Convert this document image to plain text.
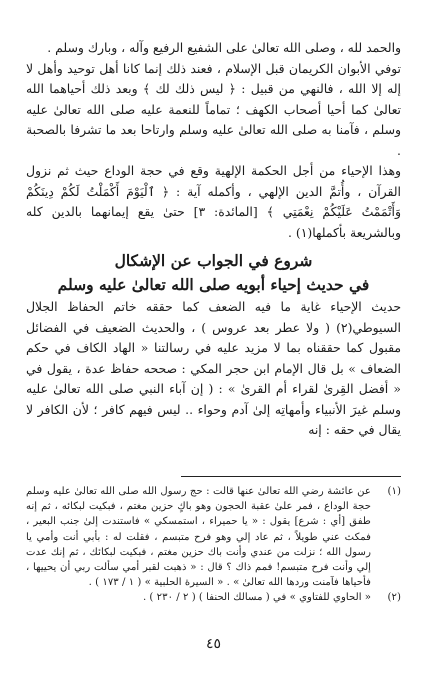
والحمد لله ، وصلى الله تعالىٰ على الشفيع الرفيع وآله ، وبارك وسلم .

توفي الأبوان الكريمان قبل الإسلام ، فعند ذلك إنما كانا أهل توحيد وأهل لا إله إلا الله ، فالنهي من قبيل : ﴿ ليس ذلك لك ﴾ وبعد ذلك أحياهما الله تعالىٰ كما أحيا أصحاب الكهف ؛ تماماً للنعمة عليه صلى الله تعالىٰ عليه وسلم ، فآمنا به صلى الله تعالىٰ عليه وسلم وارتاحا بعد ما تشرفا بالصحبة .

وهذا الإحياء من أجل الحكمة الإلهية وقع في حجة الوداع حيث ثم نزول القرآن ، وأُتمَّ الدين الإلهي ، وأكمله آية : ﴿ ٱلْيَوْمَ أَكْمَلْتُ لَكُمْ دِينَكُمْ وَأَتْمَمْتُ عَلَيْكُمْ نِعْمَتِي ﴾ [المائدة: ٣] حتىٰ يقع إيمانهما بالدين كله وبالشريعة بأكملها(١) .

شروع في الجواب عن الإشكال
في حديث إحياء أبويه صلى الله تعالىٰ عليه وسلم

حديث الإحياء غاية ما فيه الضعف كما حققه خاتم الحفاظ الجلال السيوطي(٢) ( ولا عطر بعد عروس ) ، والحديث الضعيف في الفضائل مقبول كما حققناه بما لا مزيد عليه في رسالتنا « الهاد الكاف في حكم الضعاف » بل قال الإمام ابن حجر المكي : صححه حفاظ عدة ، يقول في « أفضل القِرىٰ لقراء أم القرىٰ » : ( إن آباء النبي صلى الله تعالىٰ عليه وسلم غيرَ الأنبياء وأمهاتِه إلىٰ آدم وحواء .. ليس فيهم كافر ؛ لأن الكافر لا يقال في حقه : إنه

(١)
عن عائشة رضي الله تعالىٰ عنها قالت : حج رسول الله صلى الله تعالىٰ عليه وسلم حجة الوداع ، فمر علىٰ عقبة الحجون وهو باكٍ حزين مغتم ، فبكيت لبكائه ، ثم إنه طفق [أي : شرع] يقول : « يا حميراء ، استمسكي » فاستندت إلىٰ جنب البعير ، فمكث عني طويلاً ، ثم عاد إلي وهو فرح متبسم ، فقلت له : بأبي أنت وأمي يا رسول الله ؛ نزلت من عندي وأنت باك حزين مغتم ، فبكيت لبكائك ، ثم إنك عدت إلي وأنت فرح متبسم! فمم ذاك ؟ قال : « ذهبت لقبر أمي سألت ربي أن يحييها ، فأحياها فآمنت وردها الله تعالىٰ » . « السيرة الحلبية » ( ١ / ١٧٣ ) .
(٢)
« الحاوي للفتاوي » في ( مسالك الحنفا ) ( ٢ / ٢٣٠ ) .
٤٥
